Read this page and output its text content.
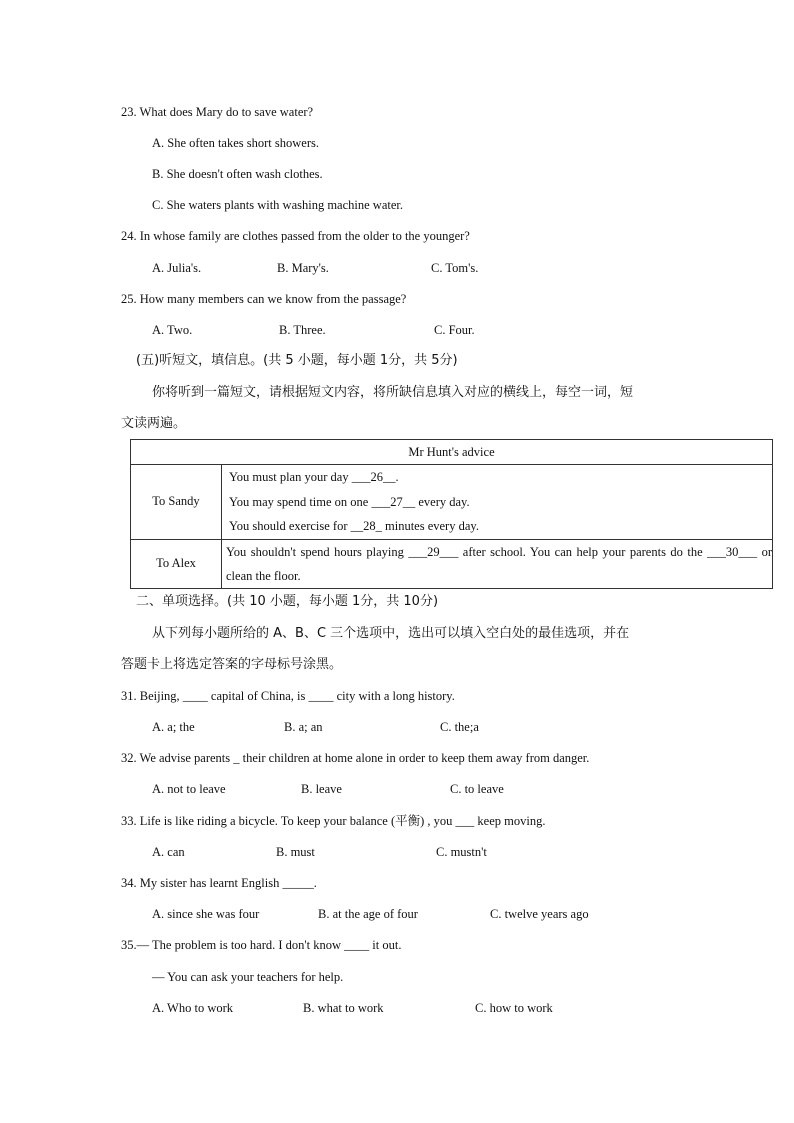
23. What does Mary do to save water?
A. She often takes short showers.
B. She doesn't often wash clothes.
C. She waters plants with washing machine water.
24. In whose family are clothes passed from the older to the younger?
A. Julia's.	B. Mary's.	C. Tom's.
25. How many members can we know from the passage?
A. Two.	B. Three.	C. Four.
(五)听短文，填信息。(共 5 小题，每小题 1分，共 5分)
你将听到一篇短文，请根据短文内容，将所缺信息填入对应的横线上，每空一词，短
文读两遍。
Mr Hunt's advice	
To Sandy	You must plan your day ___26__.
You may spend time on one ___27__ every day.
You should exercise for __28_ minutes every day.

To Alex	You shouldn't spend hours playing ___29___ after school. You can help your parents do the ___30___ or clean the floor.
二、单项选择。(共 10 小题，每小题 1分，共 10分)
从下列每小题所给的 A、B、C 三个选项中，选出可以填入空白处的最佳选项，并在
答题卡上将选定答案的字母标号涂黑。
31. Beijing, ____ capital of China, is ____ city with a long history.
A. a; the	B. a; an	C. the;a
32. We advise parents _ their children at home alone in order to keep them away from danger.
A. not to leave	B. leave	C. to leave
33. Life is like riding a bicycle. To keep your balance (平衡) , you ___ keep moving.
A. can	B. must	C. mustn't
34. My sister has learnt English _____.
A. since she was four	B. at the age of four	C. twelve years ago
35.— The problem is too hard. I don't know ____ it out.
— You can ask your teachers for help.
A. Who to work	B. what to work	C. how to work
